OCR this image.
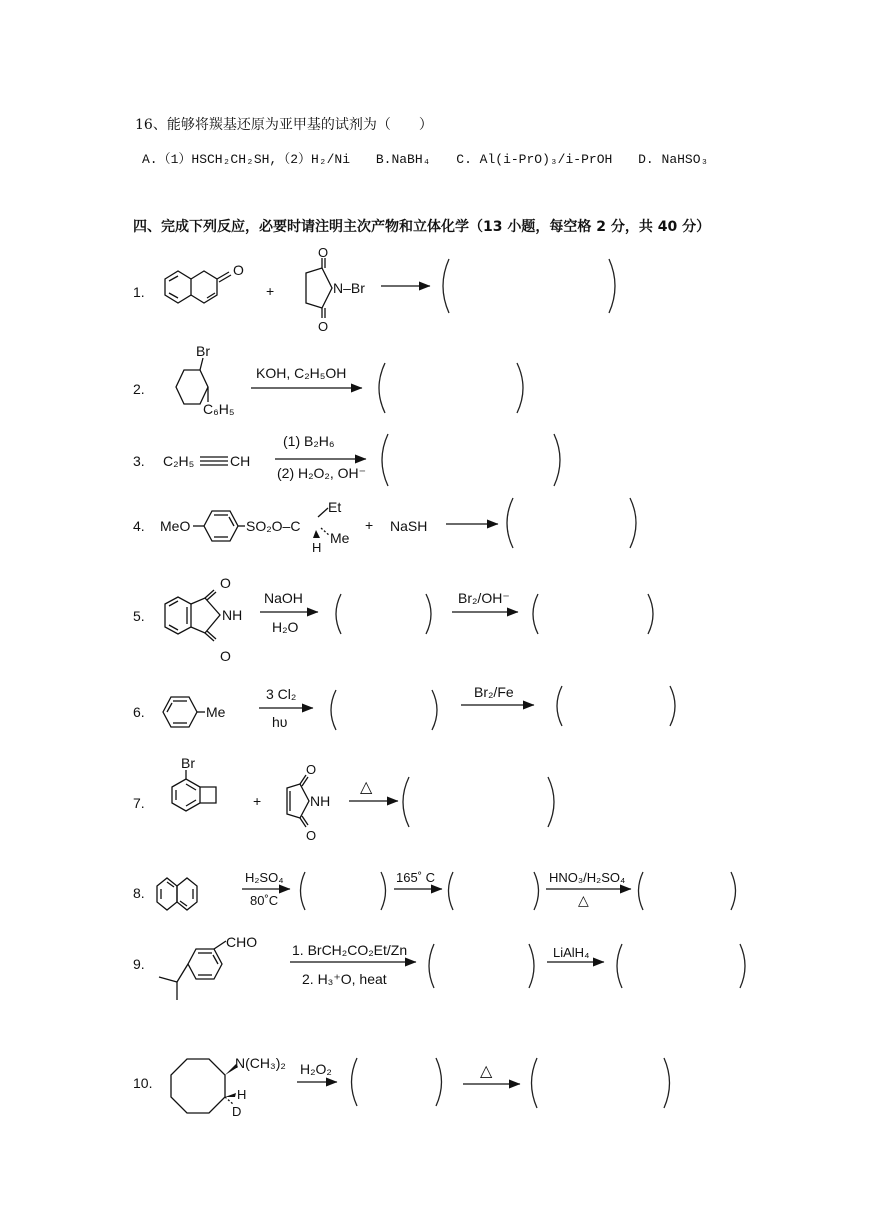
16、能够将羰基还原为亚甲基的试剂为（　　）
A.（1）HSCH₂CH₂SH,（2）H₂/Ni B.NaBH₄ C. Al(i-PrO)₃/i-PrOH D. NaHSO₃
四、完成下列反应，必要时请注明主次产物和立体化学（13 小题，每空格 2 分，共 40 分）
1.
O
+
O
O
N–Br
2.
Br
C₆H₅
KOH, C₂H₅OH
3. C₂H₅	CH
(1) B₂H₆
(2) H₂O₂, OH⁻
4. MeO	SO₂O–C
Et
Me
H
+ NaSH
5.
O
O
NH
NaOH
H₂O
Br₂/OH⁻
6.	Me
3 Cl₂
hυ
Br₂/Fe
7.
Br
+
O
O
NH
△
8.
H₂SO₄
80˚C
165˚ C	HNO₃/H₂SO₄
△
9.
CHO 1. BrCH₂CO₂Et/Zn
2. H₃⁺O, heat
LiAlH₄
10.
N(CH₃)₂
H
D
H₂O₂	△
